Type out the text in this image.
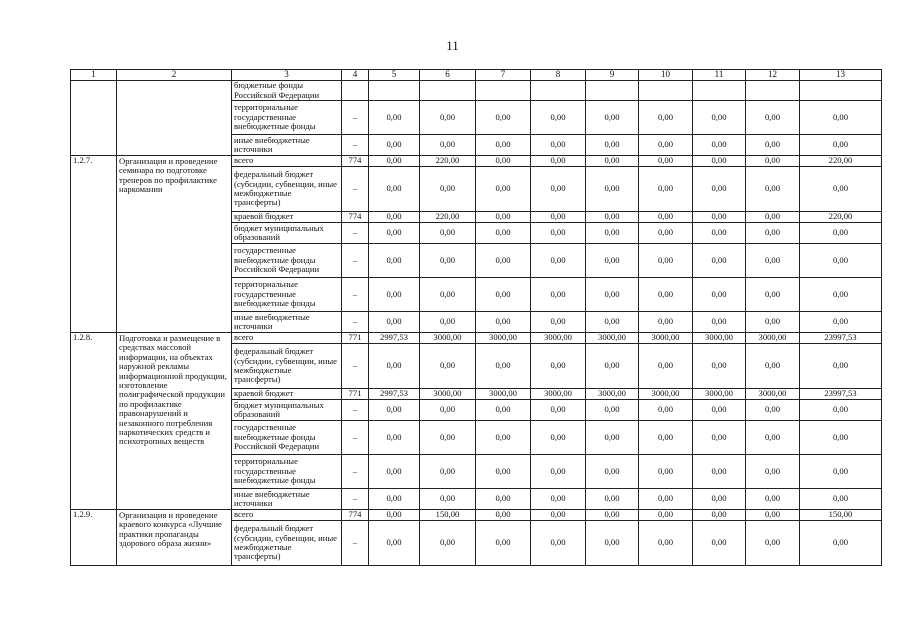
11
1	2	3	4	5	6	7	8	9	10	11	12	13
		бюджетные фонды Российской Федерации										
		территориальные государственные внебюджетные фонды	–	0,00	0,00	0,00	0,00	0,00	0,00	0,00	0,00	0,00
		иные внебюджетные источники	–	0,00	0,00	0,00	0,00	0,00	0,00	0,00	0,00	0,00
1.2.7.	Организация и проведение семинара по подготовке тренеров по профилактике наркомании	всего	774	0,00	220,00	0,00	0,00	0,00	0,00	0,00	0,00	220,00
		федеральный бюджет (субсидии, субвенции, иные межбюджетные трансферты)	–	0,00	0,00	0,00	0,00	0,00	0,00	0,00	0,00	0,00
		краевой бюджет	774	0,00	220,00	0,00	0,00	0,00	0,00	0,00	0,00	220,00
		бюджет муниципальных образований	–	0,00	0,00	0,00	0,00	0,00	0,00	0,00	0,00	0,00
		государственные внебюджетные фонды Российской Федерации	–	0,00	0,00	0,00	0,00	0,00	0,00	0,00	0,00	0,00
		территориальные государственные внебюджетные фонды	–	0,00	0,00	0,00	0,00	0,00	0,00	0,00	0,00	0,00
		иные внебюджетные источники	–	0,00	0,00	0,00	0,00	0,00	0,00	0,00	0,00	0,00
1.2.8.	Подготовка и размещение в средствах массовой информации, на объектах наружной рекламы информационной продукции, изготовление полиграфической продукции по профилактике правонарушений и незаконного потребления наркотических средств и психотропных веществ	всего	771	2997,53	3000,00	3000,00	3000,00	3000,00	3000,00	3000,00	3000,00	23997,53
		федеральный бюджет (субсидии, субвенции, иные межбюджетные трансферты)	–	0,00	0,00	0,00	0,00	0,00	0,00	0,00	0,00	0,00
		краевой бюджет	771	2997,53	3000,00	3000,00	3000,00	3000,00	3000,00	3000,00	3000,00	23997,53
		бюджет муниципальных образований	–	0,00	0,00	0,00	0,00	0,00	0,00	0,00	0,00	0,00
		государственные внебюджетные фонды Российской Федерации	–	0,00	0,00	0,00	0,00	0,00	0,00	0,00	0,00	0,00
		территориальные государственные внебюджетные фонды	–	0,00	0,00	0,00	0,00	0,00	0,00	0,00	0,00	0,00
		иные внебюджетные источники	–	0,00	0,00	0,00	0,00	0,00	0,00	0,00	0,00	0,00
1.2.9.	Организация и проведение краевого конкурса «Лучшие практики пропаганды здорового образа жизни»	всего	774	0,00	150,00	0,00	0,00	0,00	0,00	0,00	0,00	150,00
		федеральный бюджет (субсидии, субвенции, иные межбюджетные трансферты)	–	0,00	0,00	0,00	0,00	0,00	0,00	0,00	0,00	0,00
